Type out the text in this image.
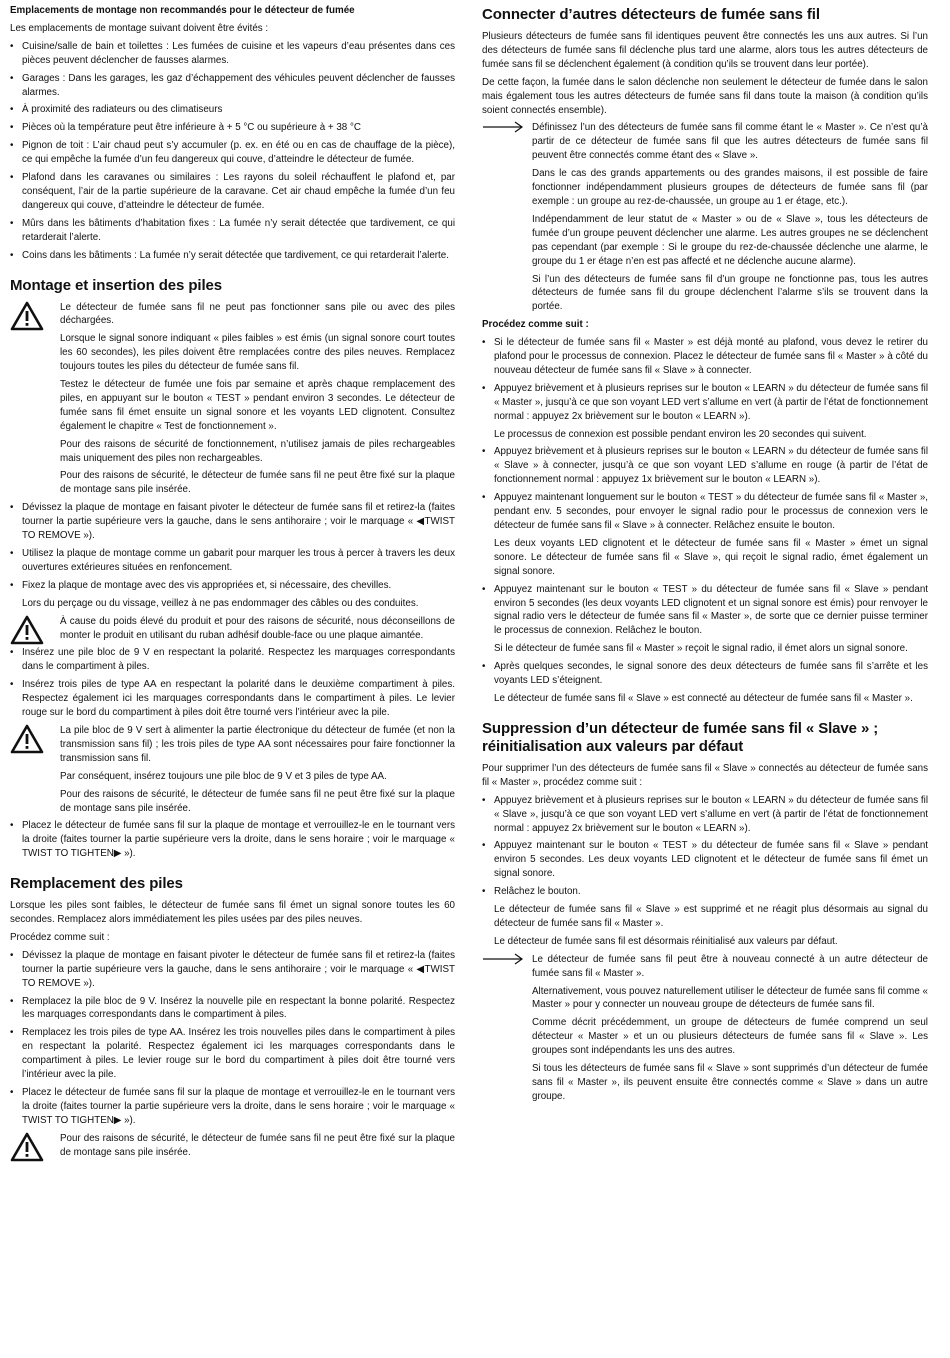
Emplacements de montage non recommandés pour le détecteur de fumée

Les emplacements de montage suivant doivent être évités :

• Cuisine/salle de bain et toilettes : Les fumées de cuisine et les vapeurs d’eau présentes dans ces pièces peuvent déclencher de fausses alarmes.
• Garages : Dans les garages, les gaz d’échappement des véhicules peuvent déclencher de fausses alarmes.
• À proximité des radiateurs ou des climatiseurs
• Pièces où la température peut être inférieure à + 5 °C ou supérieure à + 38 °C
• Pignon de toit : L’air chaud peut s’y accumuler (p. ex. en été ou en cas de chauffage de la pièce), ce qui empêche la fumée d’un feu dangereux qui couve, d’atteindre le détecteur de fumée.
• Plafond dans les caravanes ou similaires : Les rayons du soleil réchauffent le plafond et, par conséquent, l’air de la partie supérieure de la caravane. Cet air chaud empêche la fumée d’un feu dangereux qui couve, d’atteindre le détecteur de fumée.
• Mûrs dans les bâtiments d’habitation fixes : La fumée n’y serait détectée que tardivement, ce qui retarderait l’alerte.
• Coins dans les bâtiments : La fumée n’y serait détectée que tardivement, ce qui retarderait l’alerte.
Montage et insertion des piles

Le détecteur de fumée sans fil ne peut pas fonctionner sans pile ou avec des piles déchargées.

Lorsque le signal sonore indiquant « piles faibles » est émis (un signal sonore court toutes les 60 secondes), les piles doivent être remplacées contre des piles neuves. Remplacez toujours toutes les piles du détecteur de fumée sans fil.

Testez le détecteur de fumée une fois par semaine et après chaque remplacement des piles, en appuyant sur le bouton « TEST » pendant environ 3 secondes. Le détecteur de fumée sans fil émet ensuite un signal sonore et les voyants LED clignotent. Consultez également le chapitre « Test de fonctionnement ».

Pour des raisons de sécurité de fonctionnement, n’utilisez jamais de piles rechargeables mais uniquement des piles non rechargeables.

Pour des raisons de sécurité, le détecteur de fumée sans fil ne peut être fixé sur la plaque de montage sans pile insérée.

• Dévissez la plaque de montage en faisant pivoter le détecteur de fumée sans fil et retirez-la (faites tourner la partie supérieure vers la gauche, dans le sens antihoraire ; voir le marquage « ◀TWIST TO REMOVE »).
• Utilisez la plaque de montage comme un gabarit pour marquer les trous à percer à travers les deux ouvertures extérieures situées en renfoncement.
• Fixez la plaque de montage avec des vis appropriées et, si nécessaire, des chevilles.

Lors du perçage ou du vissage, veillez à ne pas endommager des câbles ou des conduites.

À cause du poids élevé du produit et pour des raisons de sécurité, nous déconseillons de monter le produit en utilisant du ruban adhésif double-face ou une plaque aimantée.

• Insérez une pile bloc de 9 V en respectant la polarité. Respectez les marquages correspondants dans le compartiment à piles.
• Insérez trois piles de type AA en respectant la polarité dans le deuxième compartiment à piles. Respectez également ici les marquages correspondants dans le compartiment à piles. Le levier rouge sur le bord du compartiment à piles doit être tourné vers l’intérieur avec la pile.

La pile bloc de 9 V sert à alimenter la partie électronique du détecteur de fumée (et non la transmission sans fil) ; les trois piles de type AA sont nécessaires pour faire fonctionner la transmission sans fil.

Par conséquent, insérez toujours une pile bloc de 9 V et 3 piles de type AA.

Pour des raisons de sécurité, le détecteur de fumée sans fil ne peut être fixé sur la plaque de montage sans pile insérée.

• Placez le détecteur de fumée sans fil sur la plaque de montage et verrouillez-le en le tournant vers la droite (faites tourner la partie supérieure vers la droite, dans le sens horaire ; voir le marquage « TWIST TO TIGHTEN▶ »).
Remplacement des piles

Lorsque les piles sont faibles, le détecteur de fumée sans fil émet un signal sonore toutes les 60 secondes. Remplacez alors immédiatement les piles usées par des piles neuves.

Procédez comme suit :

• Dévissez la plaque de montage en faisant pivoter le détecteur de fumée sans fil et retirez-la (faites tourner la partie supérieure vers la gauche, dans le sens antihoraire ; voir le marquage « ◀TWIST TO REMOVE »).
• Remplacez la pile bloc de 9 V. Insérez la nouvelle pile en respectant la bonne polarité. Respectez les marquages correspondants dans le compartiment à piles.
• Remplacez les trois piles de type AA. Insérez les trois nouvelles piles dans le compartiment à piles en respectant la polarité. Respectez également ici les marquages correspondants dans le compartiment à piles. Le levier rouge sur le bord du compartiment à piles doit être tourné vers l’intérieur avec la pile.
• Placez le détecteur de fumée sans fil sur la plaque de montage et verrouillez-le en le tournant vers la droite (faites tourner la partie supérieure vers la droite, dans le sens horaire ; voir le marquage « TWIST TO TIGHTEN▶ »).

Pour des raisons de sécurité, le détecteur de fumée sans fil ne peut être fixé sur la plaque de montage sans pile insérée.

Connecter d’autres détecteurs de fumée sans fil

Plusieurs détecteurs de fumée sans fil identiques peuvent être connectés les uns aux autres. Si l’un des détecteurs de fumée sans fil déclenche plus tard une alarme, alors tous les autres détecteurs de fumée sans fil se déclenchent également (à condition qu’ils se trouvent dans leur portée).

De cette façon, la fumée dans le salon déclenche non seulement le détecteur de fumée dans le salon mais également tous les autres détecteurs de fumée sans fil dans toute la maison (à condition qu’ils soient connectés ensemble).

Définissez l’un des détecteurs de fumée sans fil comme étant le « Master ». Ce n’est qu’à partir de ce détecteur de fumée sans fil que les autres détecteurs de fumée sans fil peuvent être connectés comme étant des « Slave ».

Dans le cas des grands appartements ou des grandes maisons, il est possible de faire fonctionner indépendamment plusieurs groupes de détecteurs de fumée sans fil (par exemple : un groupe au rez-de-chaussée, un groupe au 1 er étage, etc.).

Indépendamment de leur statut de « Master » ou de « Slave », tous les détecteurs de fumée d’un groupe peuvent déclencher une alarme. Les autres groupes ne se déclenchent pas cependant (par exemple : Si le groupe du rez-de-chaussée déclenche une alarme, le groupe du 1 er étage n’en est pas affecté et ne déclenche aucune alarme).

Si l’un des détecteurs de fumée sans fil d’un groupe ne fonctionne pas, tous les autres détecteurs de fumée sans fil du groupe déclenchent l’alarme s’ils se trouvent dans la portée.

Procédez comme suit :

• Si le détecteur de fumée sans fil « Master » est déjà monté au plafond, vous devez le retirer du plafond pour le processus de connexion. Placez le détecteur de fumée sans fil « Master » à côté du nouveau détecteur de fumée sans fil « Slave » à connecter.
• Appuyez brièvement et à plusieurs reprises sur le bouton « LEARN » du détecteur de fumée sans fil « Master », jusqu’à ce que son voyant LED vert s’allume en vert (à partir de l’état de fonctionnement normal : appuyez 2x brièvement sur le bouton « LEARN »).

Le processus de connexion est possible pendant environ les 20 secondes qui suivent.

• Appuyez brièvement et à plusieurs reprises sur le bouton « LEARN » du détecteur de fumée sans fil « Slave » à connecter, jusqu’à ce que son voyant LED s’allume en rouge (à partir de l’état de fonctionnement normal : appuyez 1x brièvement sur le bouton « LEARN »).
• Appuyez maintenant longuement sur le bouton « TEST » du détecteur de fumée sans fil « Master », pendant env. 5 secondes, pour envoyer le signal radio pour le processus de connexion vers le détecteur de fumée sans fil « Slave » à connecter. Relâchez ensuite le bouton.

Les deux voyants LED clignotent et le détecteur de fumée sans fil « Master » émet un signal sonore. Le détecteur de fumée sans fil « Slave », qui reçoit le signal radio, émet également un signal sonore.

• Appuyez maintenant sur le bouton « TEST » du détecteur de fumée sans fil « Slave » pendant environ 5 secondes (les deux voyants LED clignotent et un signal sonore est émis) pour renvoyer le signal radio vers le détecteur de fumée sans fil « Master », de sorte que ce dernier puisse terminer le processus de connexion. Relâchez le bouton.

Si le détecteur de fumée sans fil « Master » reçoit le signal radio, il émet alors un signal sonore.

• Après quelques secondes, le signal sonore des deux détecteurs de fumée sans fil s’arrête et les voyants LED s’éteignent.

Le détecteur de fumée sans fil « Slave » est connecté au détecteur de fumée sans fil « Master ».

Suppression d’un détecteur de fumée sans fil « Slave » ; réinitialisation aux valeurs par défaut

Pour supprimer l’un des détecteurs de fumée sans fil « Slave » connectés au détecteur de fumée sans fil « Master », procédez comme suit :

• Appuyez brièvement et à plusieurs reprises sur le bouton « LEARN » du détecteur de fumée sans fil « Slave », jusqu’à ce que son voyant LED vert s’allume en vert (à partir de l’état de fonctionnement normal : appuyez 2x brièvement sur le bouton « LEARN »).
• Appuyez maintenant sur le bouton « TEST » du détecteur de fumée sans fil « Slave » pendant environ 5 secondes. Les deux voyants LED clignotent et le détecteur de fumée sans fil émet un signal sonore.
• Relâchez le bouton.

Le détecteur de fumée sans fil « Slave » est supprimé et ne réagit plus désormais au signal du détecteur de fumée sans fil « Master ».

Le détecteur de fumée sans fil est désormais réinitialisé aux valeurs par défaut.

Le détecteur de fumée sans fil peut être à nouveau connecté à un autre détecteur de fumée sans fil « Master ».

Alternativement, vous pouvez naturellement utiliser le détecteur de fumée sans fil comme « Master » pour y connecter un nouveau groupe de détecteurs de fumée sans fil.

Comme décrit précédemment, un groupe de détecteurs de fumée comprend un seul détecteur « Master » et un ou plusieurs détecteurs de fumée sans fil « Slave ». Les groupes sont indépendants les uns des autres.

Si tous les détecteurs de fumée sans fil « Slave » sont supprimés d’un détecteur de fumée sans fil « Master », ils peuvent ensuite être connectés comme « Slave » dans un autre groupe.
